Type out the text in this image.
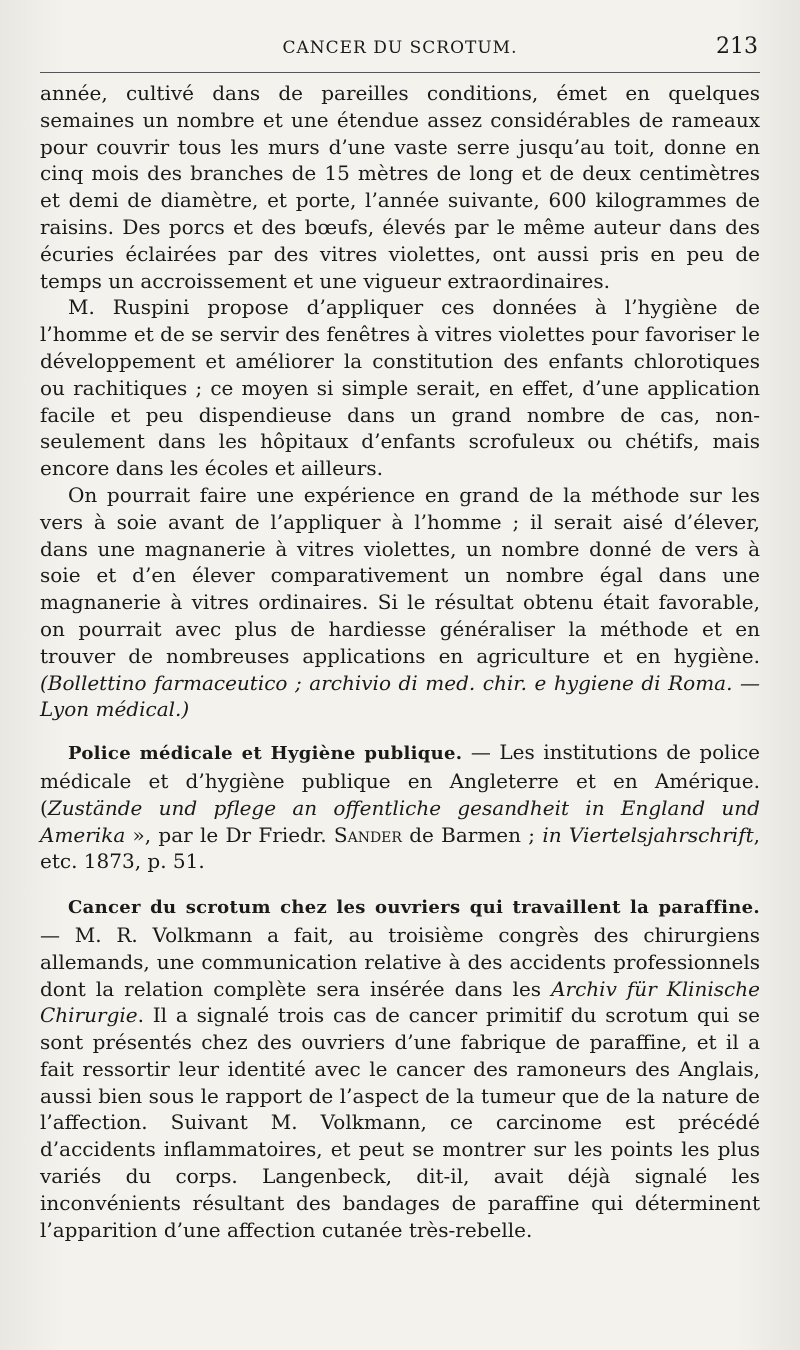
CANCER DU SCROTUM.	213

année, cultivé dans de pareilles conditions, émet en quelques semaines un nombre et une étendue assez considérables de rameaux pour couvrir tous les murs d’une vaste serre jusqu’au toit, donne en cinq mois des branches de 15 mètres de long et de deux centimètres et demi de diamètre, et porte, l’année suivante, 600 kilogrammes de raisins. Des porcs et des bœufs, élevés par le même auteur dans des écuries éclairées par des vitres violettes, ont aussi pris en peu de temps un accroissement et une vigueur extraordinaires.

M. Ruspini propose d’appliquer ces données à l’hygiène de l’homme et de se servir des fenêtres à vitres violettes pour favoriser le développement et améliorer la constitution des enfants chlorotiques ou rachitiques ; ce moyen si simple serait, en effet, d’une application facile et peu dispendieuse dans un grand nombre de cas, non-seulement dans les hôpitaux d’enfants scrofuleux ou chétifs, mais encore dans les écoles et ailleurs.

On pourrait faire une expérience en grand de la méthode sur les vers à soie avant de l’appliquer à l’homme ; il serait aisé d’élever, dans une magnanerie à vitres violettes, un nombre donné de vers à soie et d’en élever comparativement un nombre égal dans une magnanerie à vitres ordinaires. Si le résultat obtenu était favorable, on pourrait avec plus de hardiesse généraliser la méthode et en trouver de nombreuses applications en agriculture et en hygiène. (Bollettino farmaceutico ; archivio di med. chir. e hygiene di Roma. — Lyon médical.)

Police médicale et Hygiène publique. — Les institutions de police médicale et d’hygiène publique en Angleterre et en Amérique. (Zustände und pflege an offentliche gesandheit in England und Amerika », par le Dr Friedr. Sander de Barmen ; in Viertelsjahrschrift, etc. 1873, p. 51.

Cancer du scrotum chez les ouvriers qui travaillent la paraffine. — M. R. Volkmann a fait, au troisième congrès des chirurgiens allemands, une communication relative à des accidents professionnels dont la relation complète sera insérée dans les Archiv für Klinische Chirurgie. Il a signalé trois cas de cancer primitif du scrotum qui se sont présentés chez des ouvriers d’une fabrique de paraffine, et il a fait ressortir leur identité avec le cancer des ramoneurs des Anglais, aussi bien sous le rapport de l’aspect de la tumeur que de la nature de l’affection. Suivant M. Volkmann, ce carcinome est précédé d’accidents inflammatoires, et peut se montrer sur les points les plus variés du corps. Langenbeck, dit-il, avait déjà signalé les inconvénients résultant des bandages de paraffine qui déterminent l’apparition d’une affection cutanée très-rebelle.
